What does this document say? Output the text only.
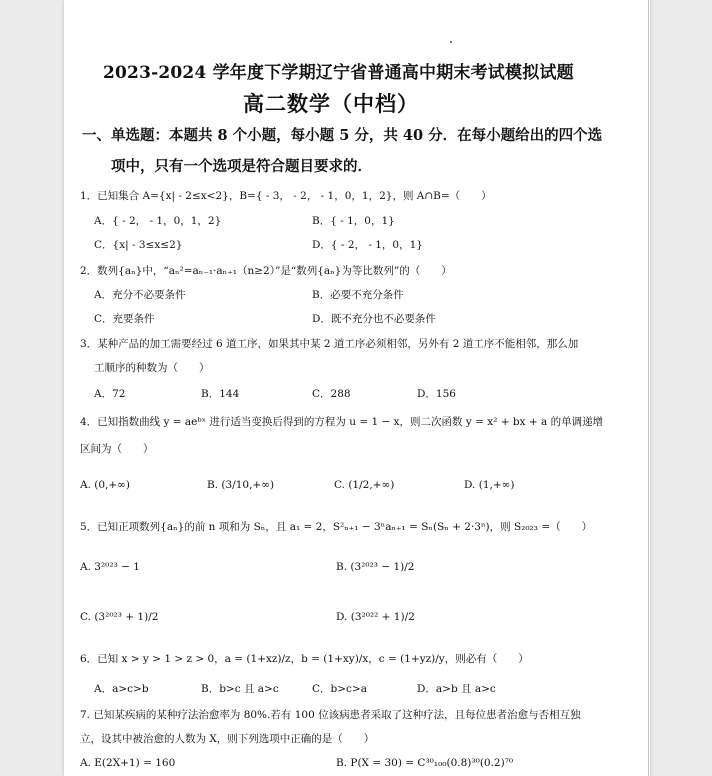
2023-2024 学年度下学期辽宁省普通高中期末考试模拟试题
高二数学（中档）
一、单选题：本题共 8 个小题，每小题 5 分，共 40 分．在每小题给出的四个选
项中，只有一个选项是符合题目要求的．
1．已知集合 A={x| - 2≤x<2}，B={ - 3， - 2， - 1，0，1，2}，则 A∩B=（　　）
A．{ - 2， - 1，0，1，2}	B．{ - 1，0，1}
C．{x| - 3≤x≤2}	D．{ - 2， - 1，0，1}
2．数列{aₙ}中，“aₙ²=aₙ₋₁·aₙ₊₁（n≥2）”是“数列{aₙ}为等比数列”的（　　）
A．充分不必要条件	B．必要不充分条件
C．充要条件	D．既不充分也不必要条件
3．某种产品的加工需要经过 6 道工序，如果其中某 2 道工序必须相邻，另外有 2 道工序不能相邻，那么加
工顺序的种数为（　　）
A．72	B．144	C．288	D．156
4．已知指数曲线 y = aeᵇˣ 进行适当变换后得到的方程为 u = 1 − x，则二次函数 y = x² + bx + a 的单调递增
区间为（　　）
A. (0,+∞)	B. (3/10,+∞)	C. (1/2,+∞)	D. (1,+∞)
5．已知正项数列{aₙ}的前 n 项和为 Sₙ，且 a₁ = 2，S²ₙ₊₁ − 3ⁿaₙ₊₁ = Sₙ(Sₙ + 2·3ⁿ)，则 S₂₀₂₃ =（　　）
A. 3²⁰²³ − 1	B. (3²⁰²³ − 1)/2
C. (3²⁰²³ + 1)/2	D. (3²⁰²² + 1)/2
6．已知 x > y > 1 > z > 0，a = (1+xz)/z，b = (1+xy)/x，c = (1+yz)/y，则必有（　　）
A．a>c>b	B．b>c 且 a>c	C．b>c>a	D．a>b 且 a>c
7. 已知某疾病的某种疗法治愈率为 80%.若有 100 位该病患者采取了这种疗法，且每位患者治愈与否相互独
立，设其中被治愈的人数为 X，则下列选项中正确的是（　　）
A. E(2X+1) = 160	B. P(X = 30) = C³⁰₁₀₀(0.8)³⁰(0.2)⁷⁰
